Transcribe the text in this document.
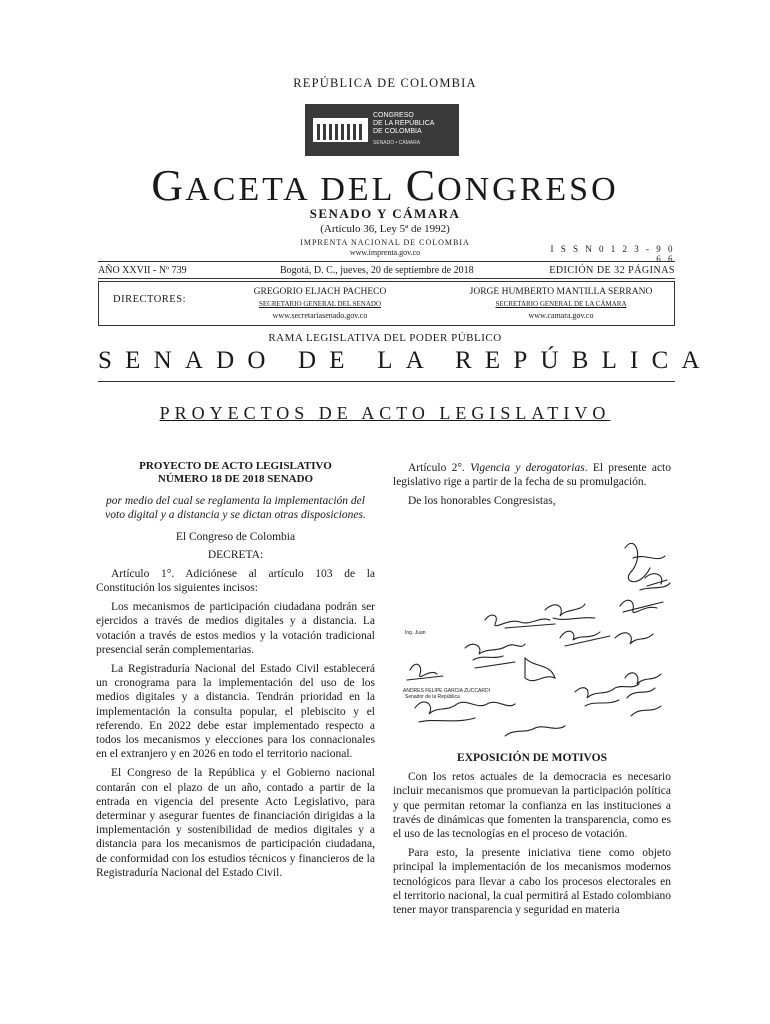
REPÚBLICA DE COLOMBIA
CONGRESO
DE LA REPÚBLICA
DE COLOMBIA
SENADO • CÁMARA
GACETA DEL CONGRESO
SENADO Y CÁMARA
(Artículo 36, Ley 5ª de 1992)
IMPRENTA NACIONAL DE COLOMBIA
www.imprenta.gov.co	I S S N 0 1 2 3 - 9 0 6 6
AÑO XXVII - Nº 739	Bogotá, D. C., jueves, 20 de septiembre de 2018	EDICIÓN DE 32 PÁGINAS
DIRECTORES:
GREGORIO ELJACH PACHECO
SECRETARIO GENERAL DEL SENADO
www.secretariasenado.gov.co
JORGE HUMBERTO MANTILLA SERRANO
SECRETARIO GENERAL DE LA CÁMARA
www.camara.gov.co
RAMA LEGISLATIVA DEL PODER PÚBLICO
SENADO DE LA REPÚBLICA
PROYECTOS DE ACTO LEGISLATIVO
PROYECTO DE ACTO LEGISLATIVO
NÚMERO 18 DE 2018 SENADO
por medio del cual se reglamenta la implementación del voto digital y a distancia y se dictan otras disposiciones.
El Congreso de Colombia
DECRETA:

Artículo 1°. Adiciónese al artículo 103 de la Constitución los siguientes incisos:

Los mecanismos de participación ciudadana podrán ser ejercidos a través de medios digitales y a distancia. La votación a través de estos medios y la votación tradicional presencial serán complementarias.

La Registraduría Nacional del Estado Civil establecerá un cronograma para la implementación del uso de los medios digitales y a distancia. Tendrán prioridad en la implementación la consulta popular, el plebiscito y el referendo. En 2022 debe estar implementado respecto a todos los mecanismos y elecciones para los connacionales en el extranjero y en 2026 en todo el territorio nacional.

El Congreso de la República y el Gobierno nacional contarán con el plazo de un año, contado a partir de la entrada en vigencia del presente Acto Legislativo, para determinar y asegurar fuentes de financiación dirigidas a la implementación y sostenibilidad de medios digitales y a distancia para los mecanismos de participación ciudadana, de conformidad con los estudios técnicos y financieros de la Registraduría Nacional del Estado Civil.

Artículo 2°. Vigencia y derogatorias. El presente acto legislativo rige a partir de la fecha de su promulgación.

De los honorables Congresistas,

Ing. Juan
ANDRES FELIPE GARCIA ZUCCARDI
Senador de la República
EXPOSICIÓN DE MOTIVOS

Con los retos actuales de la democracia es necesario incluir mecanismos que promuevan la participación política y que permitan retomar la confianza en las instituciones a través de dinámicas que fomenten la transparencia, como es el uso de las tecnologías en el proceso de votación.

Para esto, la presente iniciativa tiene como objeto principal la implementación de los mecanismos modernos tecnológicos para llevar a cabo los procesos electorales en el territorio nacional, la cual permitirá al Estado colombiano tener mayor transparencia y seguridad en materia
